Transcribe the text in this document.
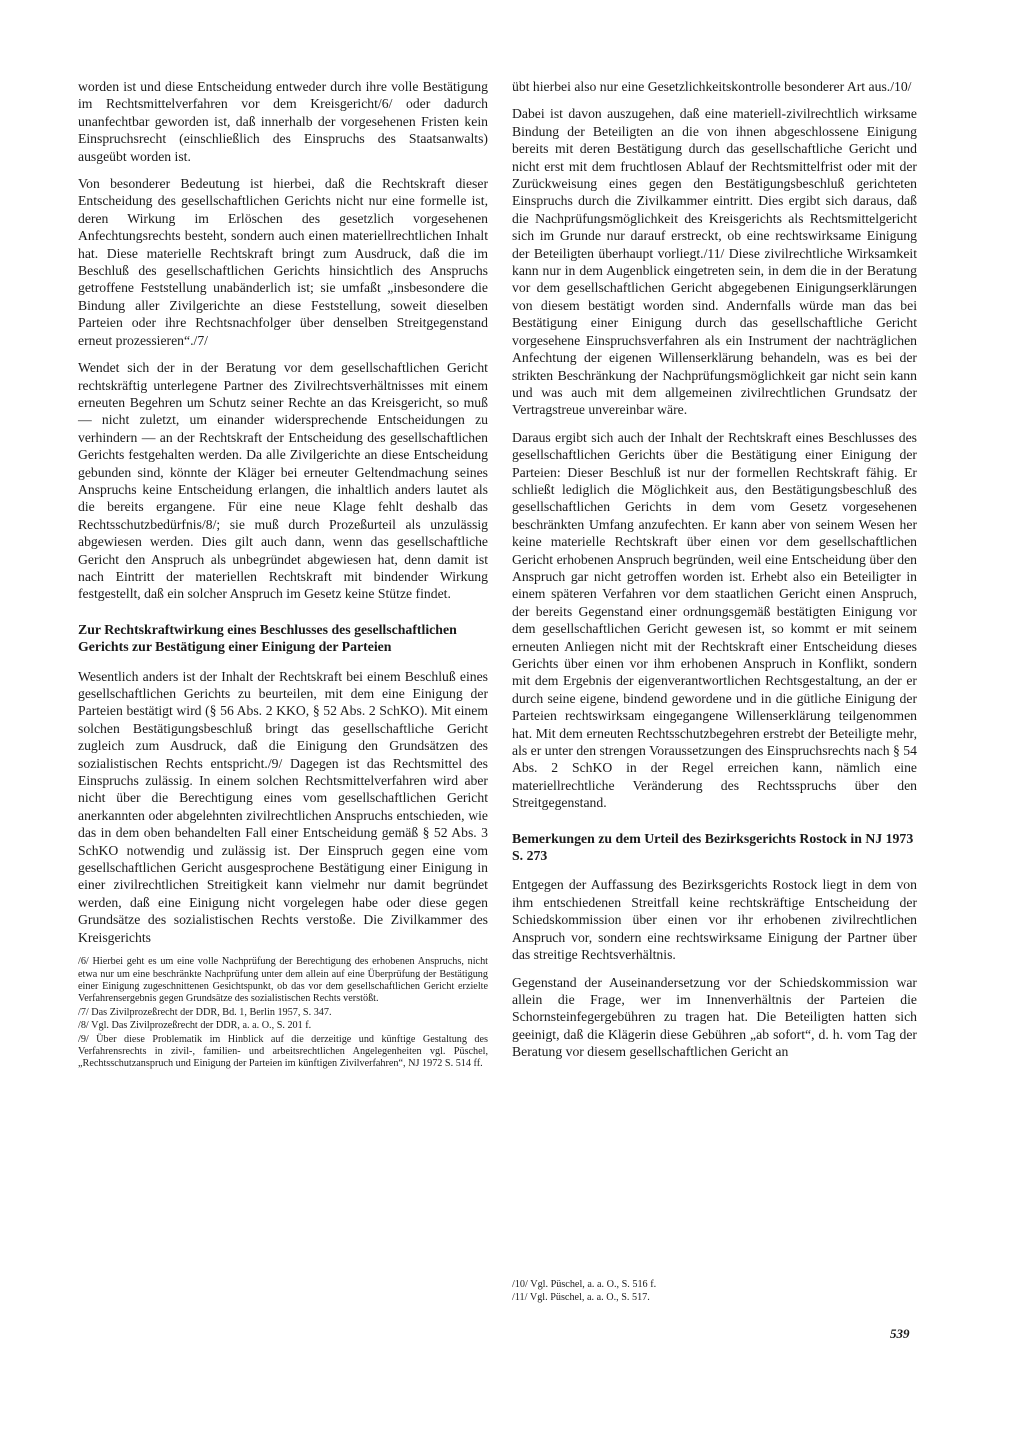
worden ist und diese Entscheidung entweder durch ihre volle Bestätigung im Rechtsmittelverfahren vor dem Kreisgericht/6/ oder dadurch unanfechtbar geworden ist, daß innerhalb der vorgesehenen Fristen kein Einspruchsrecht (einschließlich des Einspruchs des Staatsanwalts) ausgeübt worden ist.

Von besonderer Bedeutung ist hierbei, daß die Rechtskraft dieser Entscheidung des gesellschaftlichen Gerichts nicht nur eine formelle ist, deren Wirkung im Erlöschen des gesetzlich vorgesehenen Anfechtungsrechts besteht, sondern auch einen materiellrechtlichen Inhalt hat. Diese materielle Rechtskraft bringt zum Ausdruck, daß die im Beschluß des gesellschaftlichen Gerichts hinsichtlich des Anspruchs getroffene Feststellung unabänderlich ist; sie umfaßt „insbesondere die Bindung aller Zivilgerichte an diese Feststellung, soweit dieselben Parteien oder ihre Rechtsnachfolger über denselben Streitgegenstand erneut prozessieren“./7/

Wendet sich der in der Beratung vor dem gesellschaftlichen Gericht rechtskräftig unterlegene Partner des Zivilrechtsverhältnisses mit einem erneuten Begehren um Schutz seiner Rechte an das Kreisgericht, so muß — nicht zuletzt, um einander widersprechende Entscheidungen zu verhindern — an der Rechtskraft der Entscheidung des gesellschaftlichen Gerichts festgehalten werden. Da alle Zivilgerichte an diese Entscheidung gebunden sind, könnte der Kläger bei erneuter Geltendmachung seines Anspruchs keine Entscheidung erlangen, die inhaltlich anders lautet als die bereits ergangene. Für eine neue Klage fehlt deshalb das Rechtsschutzbedürfnis/8/; sie muß durch Prozeßurteil als unzulässig abgewiesen werden. Dies gilt auch dann, wenn das gesellschaftliche Gericht den Anspruch als unbegründet abgewiesen hat, denn damit ist nach Eintritt der materiellen Rechtskraft mit bindender Wirkung festgestellt, daß ein solcher Anspruch im Gesetz keine Stütze findet.

Zur Rechtskraftwirkung eines Beschlusses des gesellschaftlichen Gerichts zur Bestätigung einer Einigung der Parteien

Wesentlich anders ist der Inhalt der Rechtskraft bei einem Beschluß eines gesellschaftlichen Gerichts zu beurteilen, mit dem eine Einigung der Parteien bestätigt wird (§ 56 Abs. 2 KKO, § 52 Abs. 2 SchKO). Mit einem solchen Bestätigungsbeschluß bringt das gesellschaftliche Gericht zugleich zum Ausdruck, daß die Einigung den Grundsätzen des sozialistischen Rechts entspricht./9/ Dagegen ist das Rechtsmittel des Einspruchs zulässig. In einem solchen Rechtsmittelverfahren wird aber nicht über die Berechtigung eines vom gesellschaftlichen Gericht anerkannten oder abgelehnten zivilrechtlichen Anspruchs entschieden, wie das in dem oben behandelten Fall einer Entscheidung gemäß § 52 Abs. 3 SchKO notwendig und zulässig ist. Der Einspruch gegen eine vom gesellschaftlichen Gericht ausgesprochene Bestätigung einer Einigung in einer zivilrechtlichen Streitigkeit kann vielmehr nur damit begründet werden, daß eine Einigung nicht vorgelegen habe oder diese gegen Grundsätze des sozialistischen Rechts verstoße. Die Zivilkammer des Kreisgerichts

/6/ Hierbei geht es um eine volle Nachprüfung der Berechtigung des erhobenen Anspruchs, nicht etwa nur um eine beschränkte Nachprüfung unter dem allein auf eine Überprüfung der Bestätigung einer Einigung zugeschnittenen Gesichtspunkt, ob das vor dem gesellschaftlichen Gericht erzielte Verfahrensergebnis gegen Grundsätze des sozialistischen Rechts verstößt.

/7/ Das Zivilprozeßrecht der DDR, Bd. 1, Berlin 1957, S. 347.

/8/ Vgl. Das Zivilprozeßrecht der DDR, a. a. O., S. 201 f.

/9/ Über diese Problematik im Hinblick auf die derzeitige und künftige Gestaltung des Verfahrensrechts in zivil-, familien- und arbeitsrechtlichen Angelegenheiten vgl. Püschel, „Rechtsschutzanspruch und Einigung der Parteien im künftigen Zivilverfahren“, NJ 1972 S. 514 ff.

übt hierbei also nur eine Gesetzlichkeitskontrolle besonderer Art aus./10/

Dabei ist davon auszugehen, daß eine materiell-zivilrechtlich wirksame Bindung der Beteiligten an die von ihnen abgeschlossene Einigung bereits mit deren Bestätigung durch das gesellschaftliche Gericht und nicht erst mit dem fruchtlosen Ablauf der Rechtsmittelfrist oder mit der Zurückweisung eines gegen den Bestätigungsbeschluß gerichteten Einspruchs durch die Zivilkammer eintritt. Dies ergibt sich daraus, daß die Nachprüfungsmöglichkeit des Kreisgerichts als Rechtsmittelgericht sich im Grunde nur darauf erstreckt, ob eine rechtswirksame Einigung der Beteiligten überhaupt vorliegt./11/ Diese zivilrechtliche Wirksamkeit kann nur in dem Augenblick eingetreten sein, in dem die in der Beratung vor dem gesellschaftlichen Gericht abgegebenen Einigungserklärungen von diesem bestätigt worden sind. Andernfalls würde man das bei Bestätigung einer Einigung durch das gesellschaftliche Gericht vorgesehene Einspruchsverfahren als ein Instrument der nachträglichen Anfechtung der eigenen Willenserklärung behandeln, was es bei der strikten Beschränkung der Nachprüfungsmöglichkeit gar nicht sein kann und was auch mit dem allgemeinen zivilrechtlichen Grundsatz der Vertragstreue unvereinbar wäre.

Daraus ergibt sich auch der Inhalt der Rechtskraft eines Beschlusses des gesellschaftlichen Gerichts über die Bestätigung einer Einigung der Parteien: Dieser Beschluß ist nur der formellen Rechtskraft fähig. Er schließt lediglich die Möglichkeit aus, den Bestätigungsbeschluß des gesellschaftlichen Gerichts in dem vom Gesetz vorgesehenen beschränkten Umfang anzufechten. Er kann aber von seinem Wesen her keine materielle Rechtskraft über einen vor dem gesellschaftlichen Gericht erhobenen Anspruch begründen, weil eine Entscheidung über den Anspruch gar nicht getroffen worden ist. Erhebt also ein Beteiligter in einem späteren Verfahren vor dem staatlichen Gericht einen Anspruch, der bereits Gegenstand einer ordnungsgemäß bestätigten Einigung vor dem gesellschaftlichen Gericht gewesen ist, so kommt er mit seinem erneuten Anliegen nicht mit der Rechtskraft einer Entscheidung dieses Gerichts über einen vor ihm erhobenen Anspruch in Konflikt, sondern mit dem Ergebnis der eigenverantwortlichen Rechtsgestaltung, an der er durch seine eigene, bindend gewordene und in die gütliche Einigung der Parteien rechtswirksam eingegangene Willenserklärung teilgenommen hat. Mit dem erneuten Rechtsschutzbegehren erstrebt der Beteiligte mehr, als er unter den strengen Voraussetzungen des Einspruchsrechts nach § 54 Abs. 2 SchKO in der Regel erreichen kann, nämlich eine materiellrechtliche Veränderung des Rechtsspruchs über den Streitgegenstand.

Bemerkungen zu dem Urteil des Bezirksgerichts Rostock in NJ 1973 S. 273

Entgegen der Auffassung des Bezirksgerichts Rostock liegt in dem von ihm entschiedenen Streitfall keine rechtskräftige Entscheidung der Schiedskommission über einen vor ihr erhobenen zivilrechtlichen Anspruch vor, sondern eine rechtswirksame Einigung der Partner über das streitige Rechtsverhältnis.

Gegenstand der Auseinandersetzung vor der Schiedskommission war allein die Frage, wer im Innenverhältnis der Parteien die Schornsteinfegergebühren zu tragen hat. Die Beteiligten hatten sich geeinigt, daß die Klägerin diese Gebühren „ab sofort“, d. h. vom Tag der Beratung vor diesem gesellschaftlichen Gericht an

/10/ Vgl. Püschel, a. a. O., S. 516 f.

/11/ Vgl. Püschel, a. a. O., S. 517.

539
